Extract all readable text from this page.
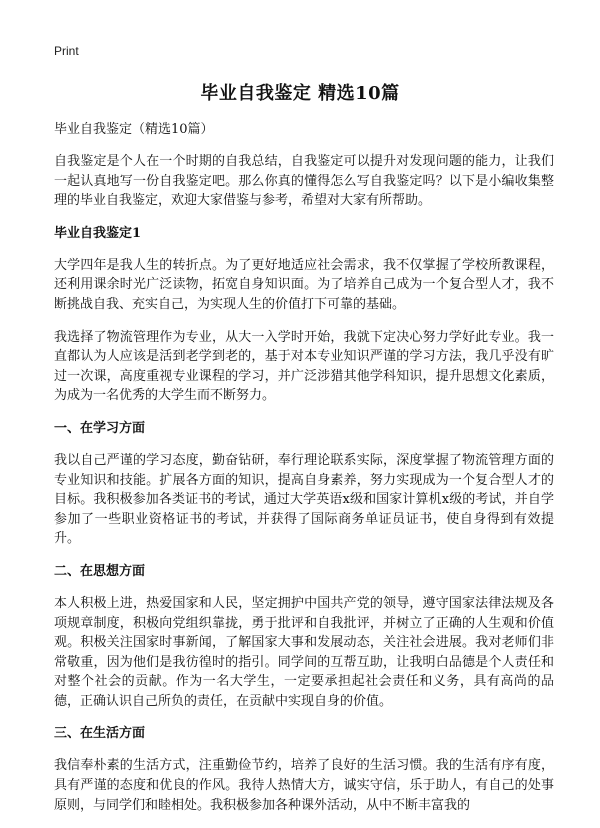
Print
毕业自我鉴定 精选10篇
毕业自我鉴定（精选10篇）

自我鉴定是个人在一个时期的自我总结，自我鉴定可以提升对发现问题的能力，让我们一起认真地写一份自我鉴定吧。那么你真的懂得怎么写自我鉴定吗？以下是小编收集整理的毕业自我鉴定，欢迎大家借鉴与参考，希望对大家有所帮助。

毕业自我鉴定1

大学四年是我人生的转折点。为了更好地适应社会需求，我不仅掌握了学校所教课程，还利用课余时光广泛读物，拓宽自身知识面。为了培养自己成为一个复合型人才，我不断挑战自我、充实自己，为实现人生的价值打下可靠的基础。

我选择了物流管理作为专业，从大一入学时开始，我就下定决心努力学好此专业。我一直都认为人应该是活到老学到老的，基于对本专业知识严谨的学习方法，我几乎没有旷过一次课，高度重视专业课程的学习，并广泛涉猎其他学科知识，提升思想文化素质，为成为一名优秀的大学生而不断努力。

一、在学习方面

我以自己严谨的学习态度，勤奋钻研，奉行理论联系实际，深度掌握了物流管理方面的专业知识和技能。扩展各方面的知识，提高自身素养，努力实现成为一个复合型人才的目标。我积极参加各类证书的考试，通过大学英语x级和国家计算机x级的考试，并自学参加了一些职业资格证书的考试，并获得了国际商务单证员证书，使自身得到有效提升。

二、在思想方面

本人积极上进，热爱国家和人民，坚定拥护中国共产党的领导，遵守国家法律法规及各项规章制度，积极向党组织靠拢，勇于批评和自我批评，并树立了正确的人生观和价值观。积极关注国家时事新闻，了解国家大事和发展动态，关注社会进展。我对老师们非常敬重，因为他们是我彷徨时的指引。同学间的互帮互助，让我明白品德是个人责任和对整个社会的贡献。作为一名大学生，一定要承担起社会责任和义务，具有高尚的品德，正确认识自己所负的责任，在贡献中实现自身的价值。

三、在生活方面

我信奉朴素的生活方式，注重勤俭节约，培养了良好的生活习惯。我的生活有序有度，具有严谨的态度和优良的作风。我待人热情大方，诚实守信，乐于助人，有自己的处事原则，与同学们和睦相处。我积极参加各种课外活动，从中不断丰富我的
